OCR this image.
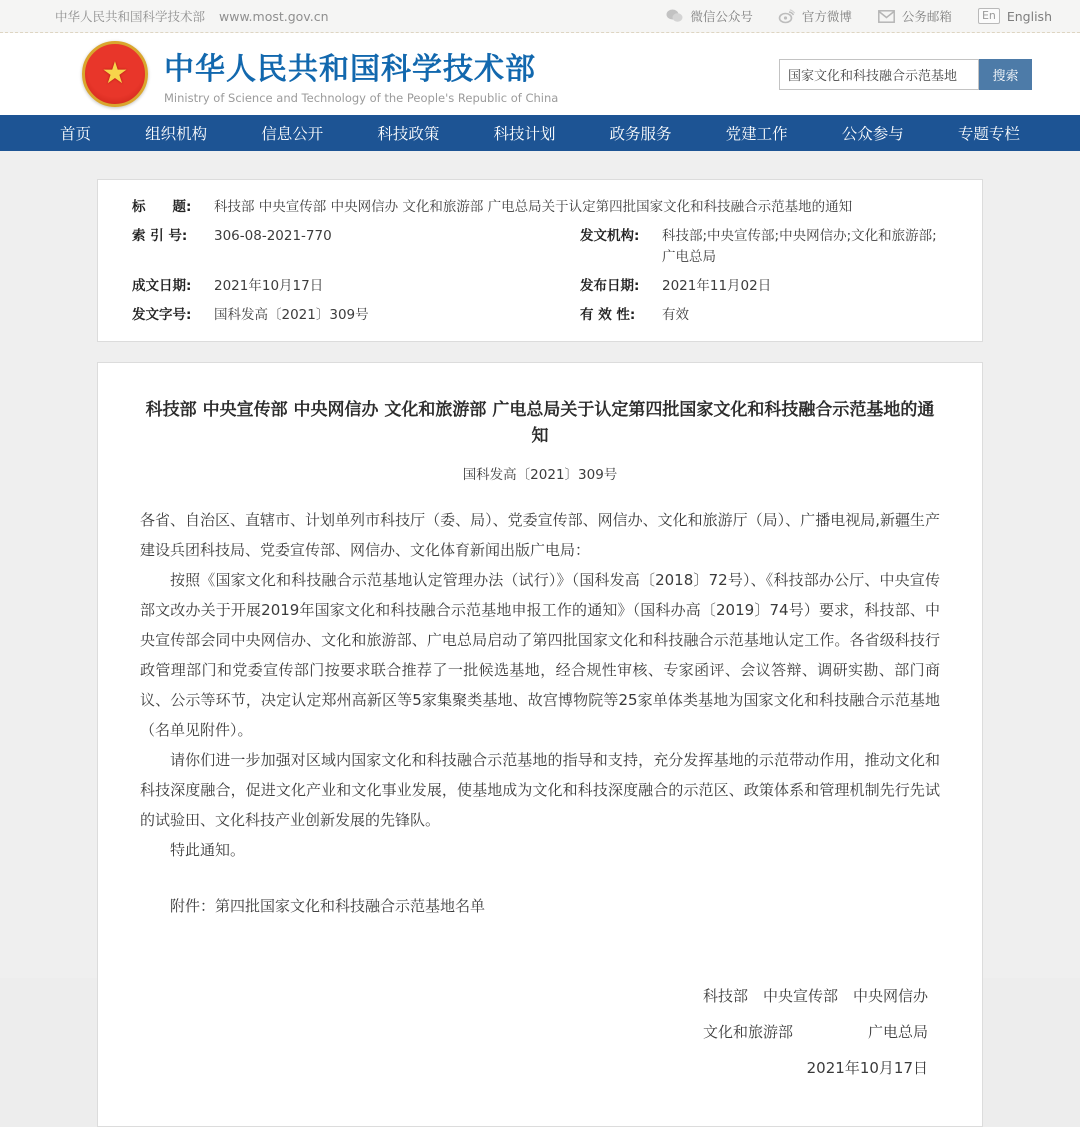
中华人民共和国科学技术部 www.most.gov.cn	微信公众号	官方微博	公务邮箱	En English
★
中华人民共和国科学技术部
Ministry of Science and Technology of the People's Republic of China
国家文化和科技融合示范基地
搜索
首页	组织机构	信息公开	科技政策	科技计划	政务服务	党建工作	公众参与	专题专栏
标　　题:	科技部 中央宣传部 中央网信办 文化和旅游部 广电总局关于认定第四批国家文化和科技融合示范基地的通知
索 引 号:	306-08-2021-770	发文机构:	科技部;中央宣传部;中央网信办;文化和旅游部;广电总局
成文日期:	2021年10月17日	发布日期:	2021年11月02日
发文字号:	国科发高〔2021〕309号	有 效 性:	有效
科技部 中央宣传部 中央网信办 文化和旅游部 广电总局关于认定第四批国家文化和科技融合示范基地的通知
国科发高〔2021〕309号

各省、自治区、直辖市、计划单列市科技厅（委、局）、党委宣传部、网信办、文化和旅游厅（局）、广播电视局,新疆生产建设兵团科技局、党委宣传部、网信办、文化体育新闻出版广电局：

按照《国家文化和科技融合示范基地认定管理办法（试行）》（国科发高〔2018〕72号）、《科技部办公厅、中央宣传部文改办关于开展2019年国家文化和科技融合示范基地申报工作的通知》（国科办高〔2019〕74号）要求，科技部、中央宣传部会同中央网信办、文化和旅游部、广电总局启动了第四批国家文化和科技融合示范基地认定工作。各省级科技行政管理部门和党委宣传部门按要求联合推荐了一批候选基地，经合规性审核、专家函评、会议答辩、调研实勘、部门商议、公示等环节，决定认定郑州高新区等5家集聚类基地、故宫博物院等25家单体类基地为国家文化和科技融合示范基地（名单见附件）。

请你们进一步加强对区域内国家文化和科技融合示范基地的指导和支持，充分发挥基地的示范带动作用，推动文化和科技深度融合，促进文化产业和文化事业发展，使基地成为文化和科技深度融合的示范区、政策体系和管理机制先行先试的试验田、文化科技产业创新发展的先锋队。

特此通知。

附件：第四批国家文化和科技融合示范基地名单
科技部　中央宣传部　中央网信办
文化和旅游部　　　　　广电总局
2021年10月17日
